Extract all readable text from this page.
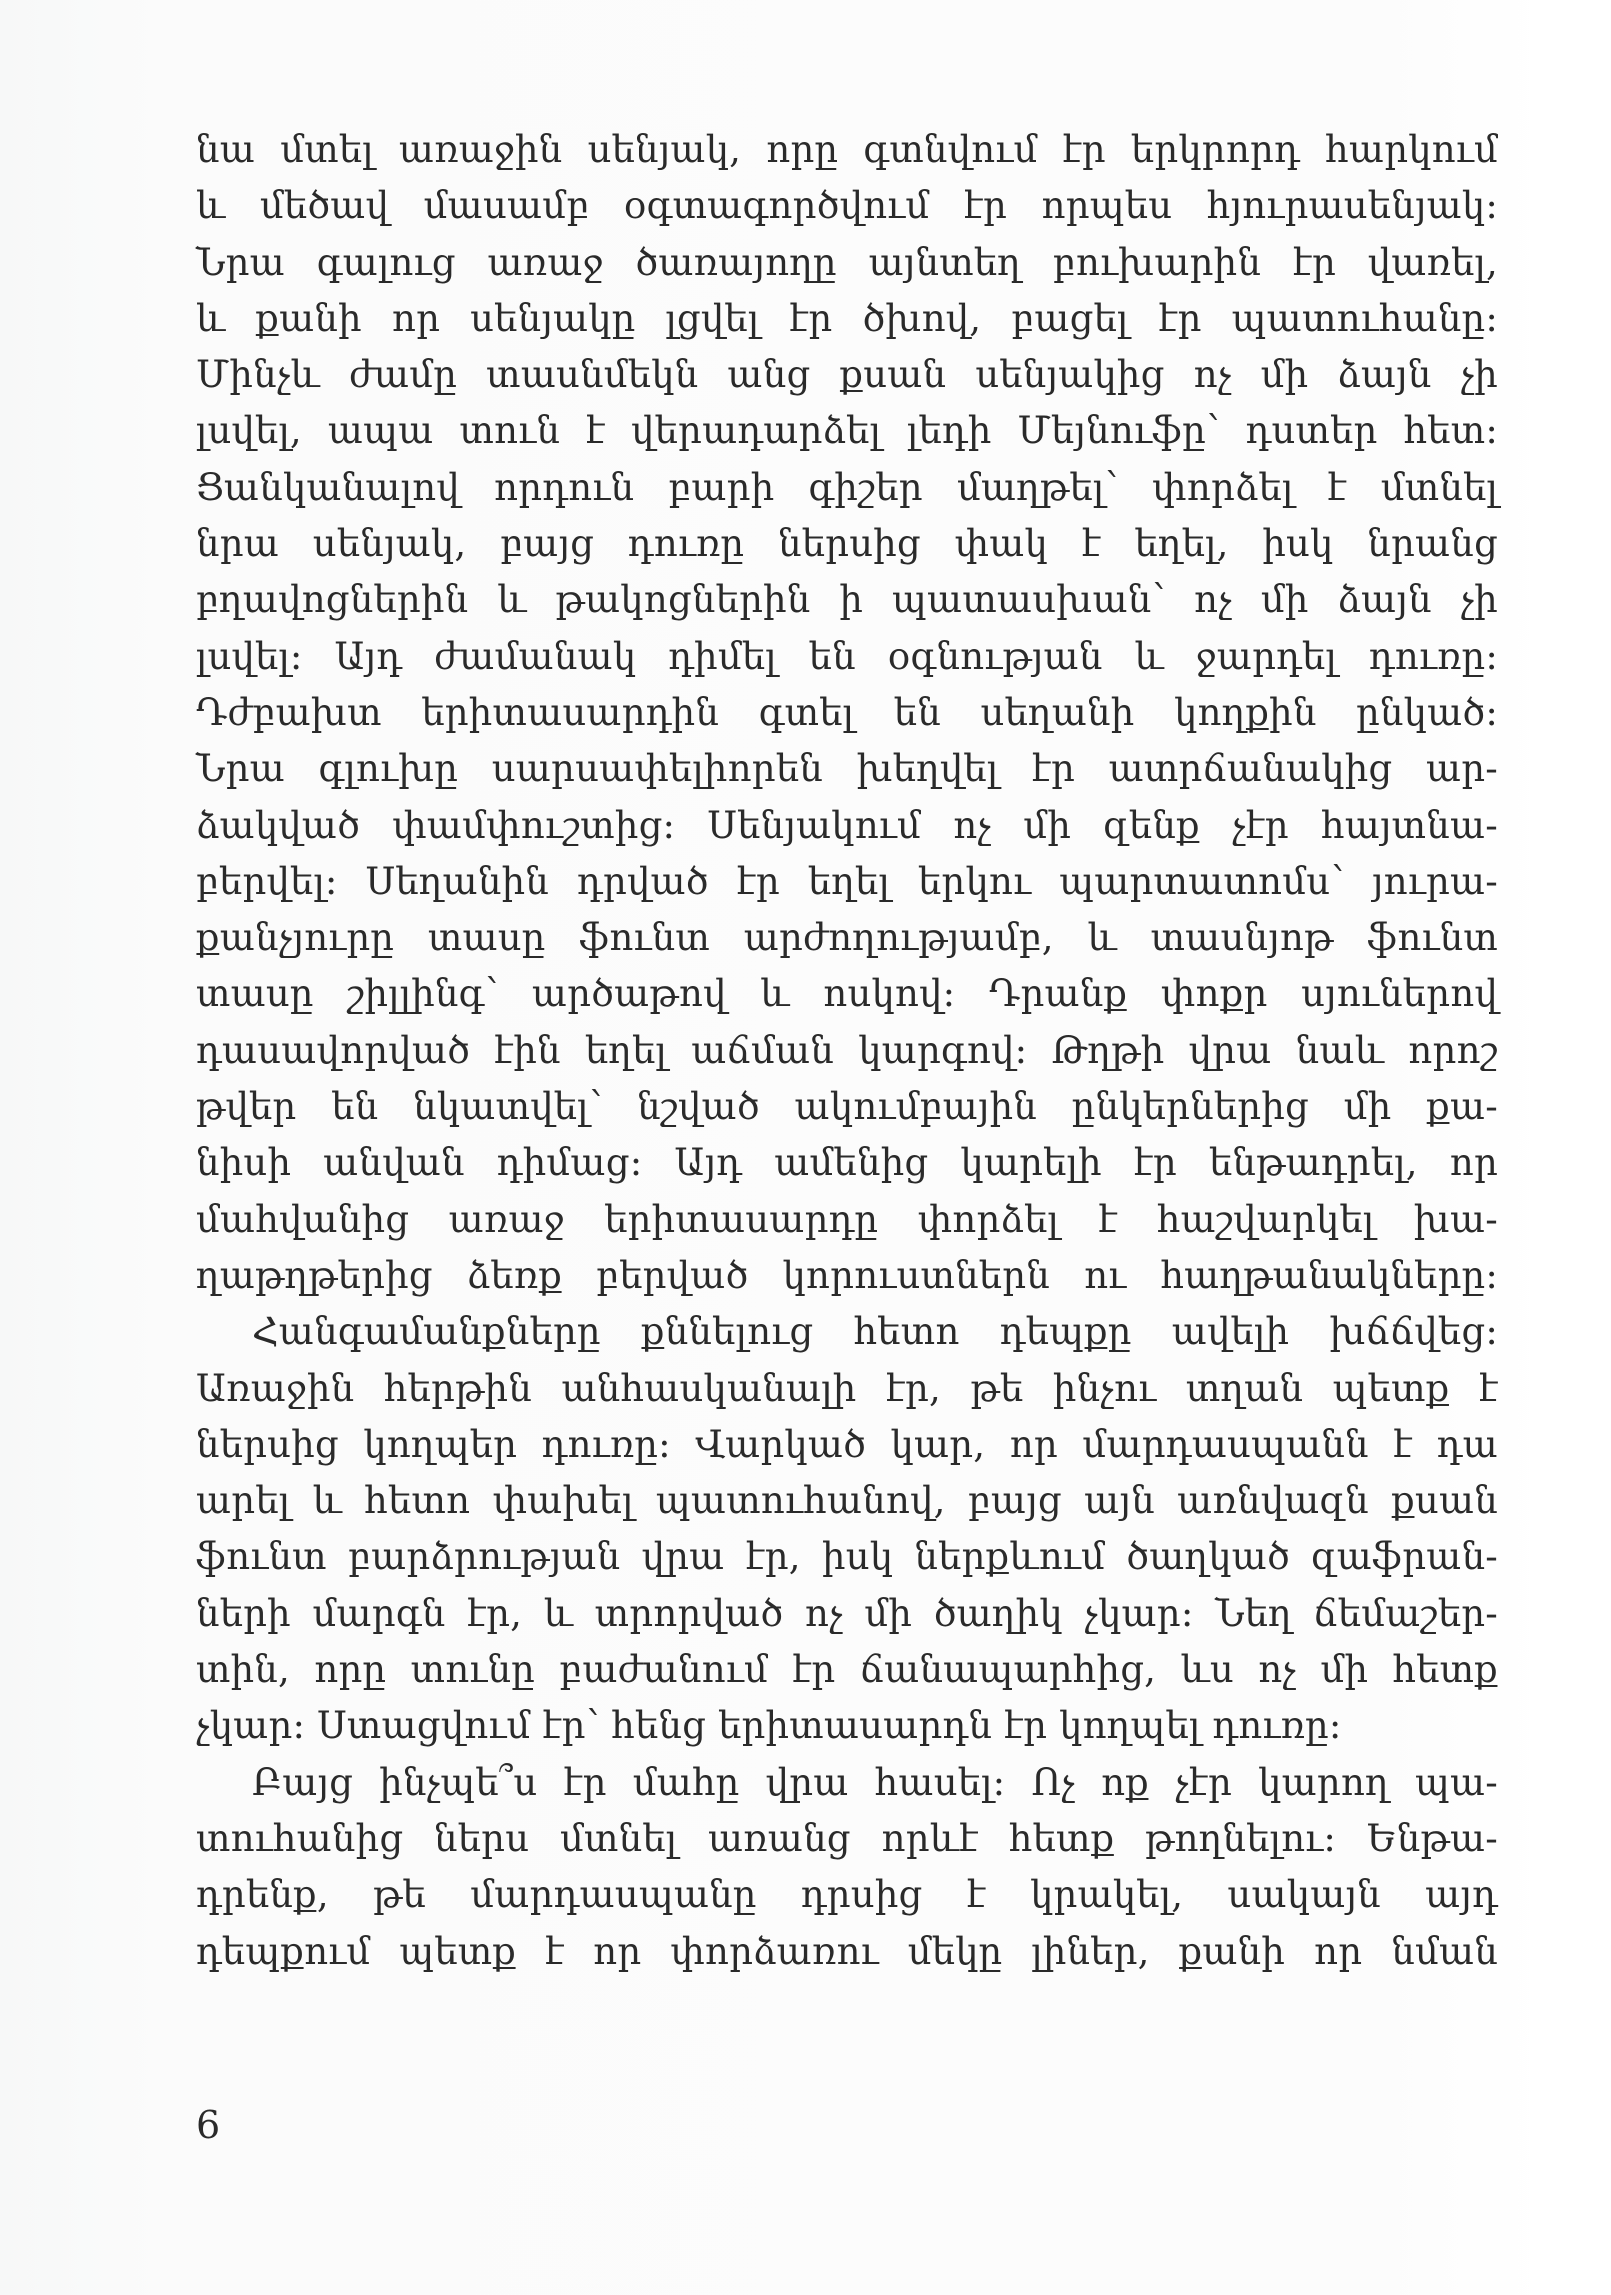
նա մտել առաջին սենյակ, որը գտնվում էր երկրորդ հարկում
և մեծավ մասամբ օգտագործվում էր որպես հյուրասենյակ:
Նրա գալուց առաջ ծառայողը այնտեղ բուխարին էր վառել,
և քանի որ սենյակը լցվել էր ծխով, բացել էր պատուհանը:
Մինչև ժամը տասնմեկն անց քսան սենյակից ոչ մի ձայն չի
լսվել, ապա տուն է վերադարձել լեդի Մեյնուֆը՝ դստեր հետ:
Ցանկանալով որդուն բարի գիշեր մաղթել՝ փորձել է մտնել
նրա սենյակ, բայց դուռը ներսից փակ է եղել, իսկ նրանց
բղավոցներին և թակոցներին ի պատասխան՝ ոչ մի ձայն չի
լսվել: Այդ ժամանակ դիմել են օգնության և ջարդել դուռը:
Դժբախտ երիտասարդին գտել են սեղանի կողքին ընկած:
Նրա գլուխը սարսափելիորեն խեղվել էր ատրճանակից ար-
ձակված փամփուշտից: Սենյակում ոչ մի զենք չէր հայտնա-
բերվել: Սեղանին դրված էր եղել երկու պարտատոմս՝ յուրա-
քանչյուրը տասը ֆունտ արժողությամբ, և տասնյոթ ֆունտ
տասը շիլլինգ՝ արծաթով և ոսկով: Դրանք փոքր սյուներով
դասավորված էին եղել աճման կարգով: Թղթի վրա նաև որոշ
թվեր են նկատվել՝ նշված ակումբային ընկերներից մի քա-
նիսի անվան դիմաց: Այդ ամենից կարելի էր ենթադրել, որ
մահվանից առաջ երիտասարդը փորձել է հաշվարկել խա-
ղաթղթերից ձեռք բերված կորուստներն ու հաղթանակները:
Հանգամանքները քննելուց հետո դեպքը ավելի խճճվեց:
Առաջին հերթին անհասկանալի էր, թե ինչու տղան պետք է
ներսից կողպեր դուռը: Վարկած կար, որ մարդասպանն է դա
արել և հետո փախել պատուհանով, բայց այն առնվազն քսան
ֆունտ բարձրության վրա էր, իսկ ներքևում ծաղկած զաֆրան-
ների մարգն էր, և տրորված ոչ մի ծաղիկ չկար: Նեղ ճեմաշեր-
տին, որը տունը բաժանում էր ճանապարհից, ևս ոչ մի հետք
չկար: Ստացվում էր՝ հենց երիտասարդն էր կողպել դուռը:
Բայց ինչպե՞ս էր մահը վրա հասել: Ոչ ոք չէր կարող պա-
տուհանից ներս մտնել առանց որևէ հետք թողնելու: Ենթա-
դրենք, թե մարդասպանը դրսից է կրակել, սակայն այդ
դեպքում պետք է որ փորձառու մեկը լիներ, քանի որ նման
6
